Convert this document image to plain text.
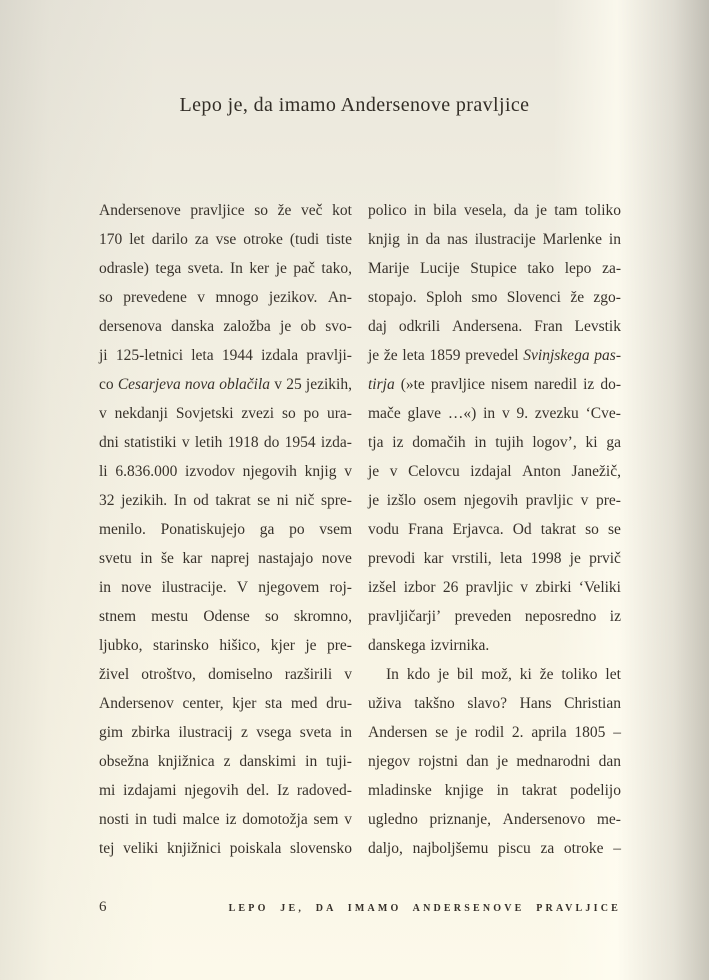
Lepo je, da imamo Andersenove pravljice
Andersenove pravljice so že več kot
170 let darilo za vse otroke (tudi tiste
odrasle) tega sveta. In ker je pač tako,
so prevedene v mnogo jezikov. An-
dersenova danska založba je ob svo-
ji 125-letnici leta 1944 izdala pravlji-
co Cesarjeva nova oblačila v 25 jezikih,
v nekdanji Sovjetski zvezi so po ura-
dni statistiki v letih 1918 do 1954 izda-
li 6.836.000 izvodov njegovih knjig v
32 jezikih. In od takrat se ni nič spre-
menilo. Ponatiskujejo ga po vsem
svetu in še kar naprej nastajajo nove
in nove ilustracije. V njegovem roj-
stnem mestu Odense so skromno,
ljubko, starinsko hišico, kjer je pre-
živel otroštvo, domiselno razširili v
Andersenov center, kjer sta med dru-
gim zbirka ilustracij z vsega sveta in
obsežna knjižnica z danskimi in tuji-
mi izdajami njegovih del. Iz radoved-
nosti in tudi malce iz domotožja sem v
tej veliki knjižnici poiskala slovensko
polico in bila vesela, da je tam toliko
knjig in da nas ilustracije Marlenke in
Marije Lucije Stupice tako lepo za-
stopajo. Sploh smo Slovenci že zgo-
daj odkrili Andersena. Fran Levstik
je že leta 1859 prevedel Svinjskega pas-
tirja (»te pravljice nisem naredil iz do-
mače glave …«) in v 9. zvezku ‘Cve-
tja iz domačih in tujih logov’, ki ga
je v Celovcu izdajal Anton Janežič,
je izšlo osem njegovih pravljic v pre-
vodu Frana Erjavca. Od takrat so se
prevodi kar vrstili, leta 1998 je prvič
izšel izbor 26 pravljic v zbirki ‘Veliki
pravljičarji’ preveden neposredno iz
danskega izvirnika.
In kdo je bil mož, ki že toliko let
uživa takšno slavo? Hans Christian
Andersen se je rodil 2. aprila 1805 –
njegov rojstni dan je mednarodni dan
mladinske knjige in takrat podelijo
ugledno priznanje, Andersenovo me-
daljo, najboljšemu piscu za otroke –
6	LEPO JE, DA IMAMO ANDERSENOVE PRAVLJICE
